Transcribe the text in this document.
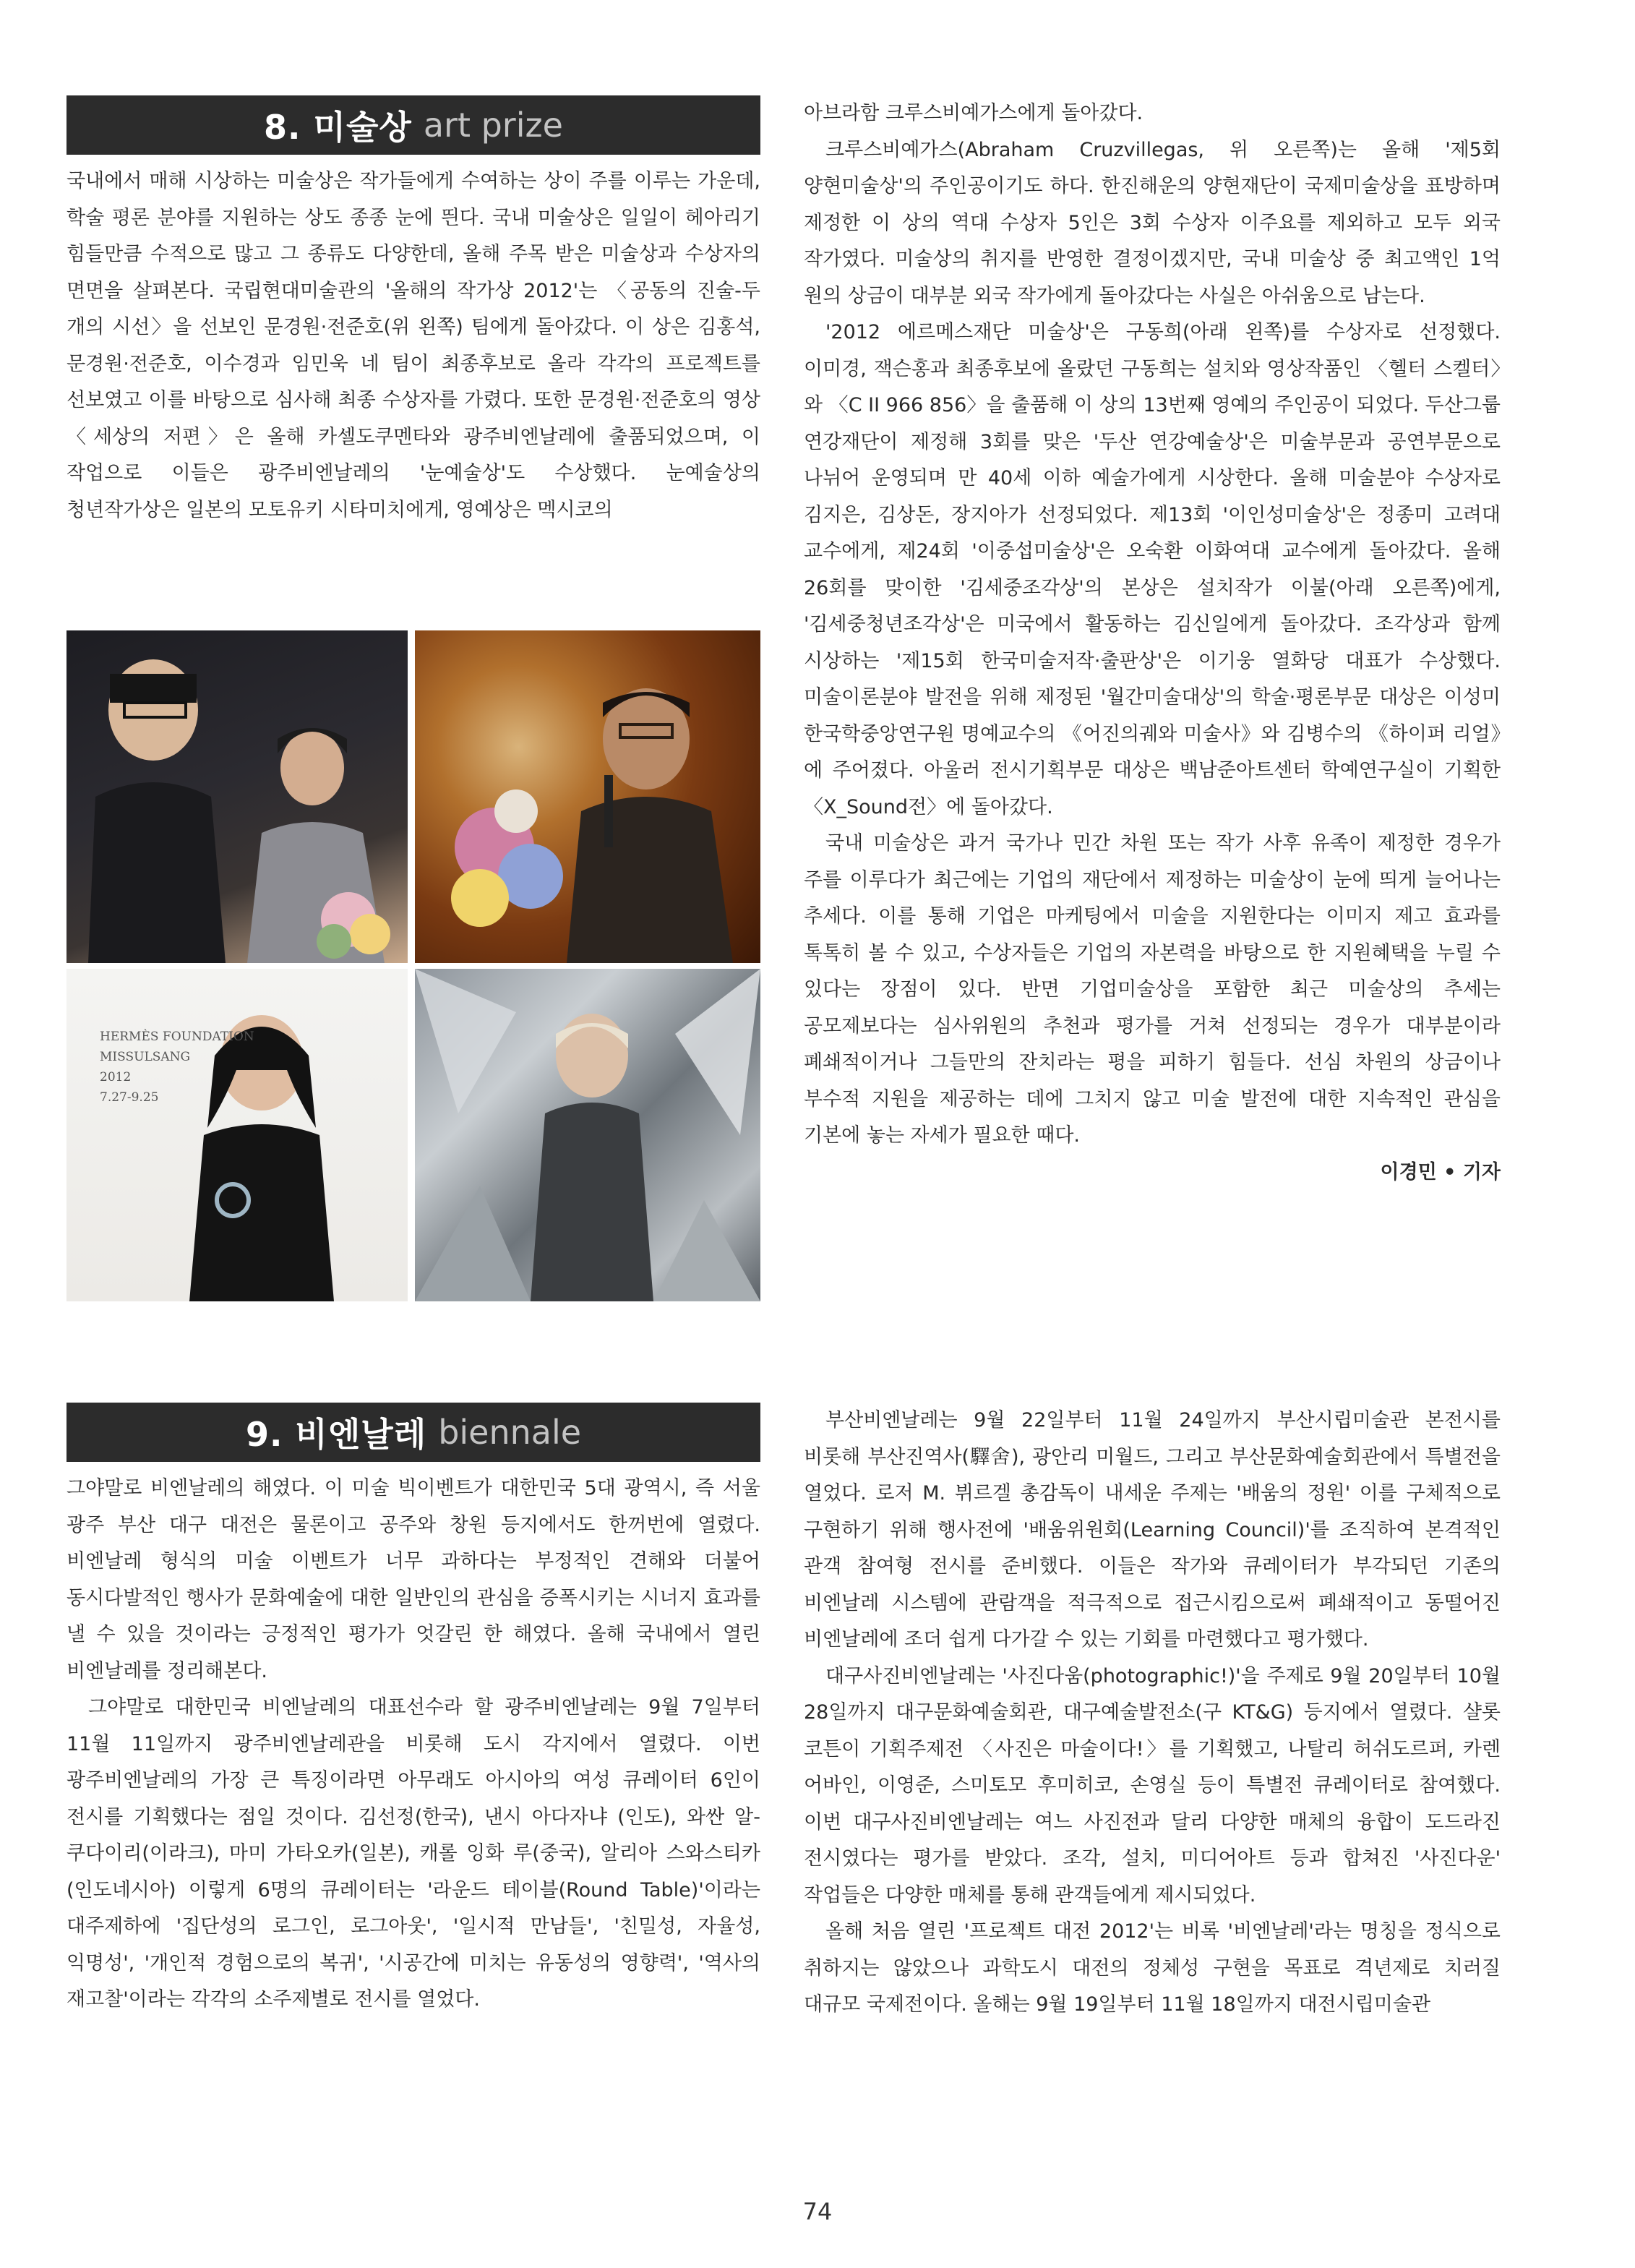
8. 미술상 art prize

국내에서 매해 시상하는 미술상은 작가들에게 수여하는 상이 주를 이루는 가운데, 학술 평론 분야를 지원하는 상도 종종 눈에 띈다. 국내 미술상은 일일이 헤아리기 힘들만큼 수적으로 많고 그 종류도 다양한데, 올해 주목 받은 미술상과 수상자의 면면을 살펴본다. 국립현대미술관의 '올해의 작가상 2012'는 〈공동의 진술-두 개의 시선〉을 선보인 문경원·전준호(위 왼쪽) 팀에게 돌아갔다. 이 상은 김홍석, 문경원·전준호, 이수경과 임민욱 네 팀이 최종후보로 올라 각각의 프로젝트를 선보였고 이를 바탕으로 심사해 최종 수상자를 가렸다. 또한 문경원·전준호의 영상 〈세상의 저편〉은 올해 카셀도쿠멘타와 광주비엔날레에 출품되었으며, 이 작업으로 이들은 광주비엔날레의 '눈예술상'도 수상했다. 눈예술상의 청년작가상은 일본의 모토유키 시타미치에게, 영예상은 멕시코의

HERMÈS FOUNDATION
MISSULSANG
2012
7.27-9.25

아브라함 크루스비예가스에게 돌아갔다.

크루스비예가스(Abraham Cruzvillegas, 위 오른쪽)는 올해 '제5회 양현미술상'의 주인공이기도 하다. 한진해운의 양현재단이 국제미술상을 표방하며 제정한 이 상의 역대 수상자 5인은 3회 수상자 이주요를 제외하고 모두 외국 작가였다. 미술상의 취지를 반영한 결정이겠지만, 국내 미술상 중 최고액인 1억 원의 상금이 대부분 외국 작가에게 돌아갔다는 사실은 아쉬움으로 남는다.

'2012 에르메스재단 미술상'은 구동희(아래 왼쪽)를 수상자로 선정했다. 이미경, 잭슨홍과 최종후보에 올랐던 구동희는 설치와 영상작품인 〈헬터 스켈터〉와 〈C II 966 856〉을 출품해 이 상의 13번째 영예의 주인공이 되었다. 두산그룹 연강재단이 제정해 3회를 맞은 '두산 연강예술상'은 미술부문과 공연부문으로 나뉘어 운영되며 만 40세 이하 예술가에게 시상한다. 올해 미술분야 수상자로 김지은, 김상돈, 장지아가 선정되었다. 제13회 '이인성미술상'은 정종미 고려대 교수에게, 제24회 '이중섭미술상'은 오숙환 이화여대 교수에게 돌아갔다. 올해 26회를 맞이한 '김세중조각상'의 본상은 설치작가 이불(아래 오른쪽)에게, '김세중청년조각상'은 미국에서 활동하는 김신일에게 돌아갔다. 조각상과 함께 시상하는 '제15회 한국미술저작·출판상'은 이기웅 열화당 대표가 수상했다. 미술이론분야 발전을 위해 제정된 '월간미술대상'의 학술·평론부문 대상은 이성미 한국학중앙연구원 명예교수의 《어진의궤와 미술사》와 김병수의 《하이퍼 리얼》에 주어졌다. 아울러 전시기획부문 대상은 백남준아트센터 학예연구실이 기획한 〈X_Sound전〉에 돌아갔다.

국내 미술상은 과거 국가나 민간 차원 또는 작가 사후 유족이 제정한 경우가 주를 이루다가 최근에는 기업의 재단에서 제정하는 미술상이 눈에 띄게 늘어나는 추세다. 이를 통해 기업은 마케팅에서 미술을 지원한다는 이미지 제고 효과를 톡톡히 볼 수 있고, 수상자들은 기업의 자본력을 바탕으로 한 지원혜택을 누릴 수 있다는 장점이 있다. 반면 기업미술상을 포함한 최근 미술상의 추세는 공모제보다는 심사위원의 추천과 평가를 거쳐 선정되는 경우가 대부분이라 폐쇄적이거나 그들만의 잔치라는 평을 피하기 힘들다. 선심 차원의 상금이나 부수적 지원을 제공하는 데에 그치지 않고 미술 발전에 대한 지속적인 관심을 기본에 놓는 자세가 필요한 때다.

이경민 • 기자
9. 비엔날레 biennale

그야말로 비엔날레의 해였다. 이 미술 빅이벤트가 대한민국 5대 광역시, 즉 서울 광주 부산 대구 대전은 물론이고 공주와 창원 등지에서도 한꺼번에 열렸다. 비엔날레 형식의 미술 이벤트가 너무 과하다는 부정적인 견해와 더불어 동시다발적인 행사가 문화예술에 대한 일반인의 관심을 증폭시키는 시너지 효과를 낼 수 있을 것이라는 긍정적인 평가가 엇갈린 한 해였다. 올해 국내에서 열린 비엔날레를 정리해본다.

그야말로 대한민국 비엔날레의 대표선수라 할 광주비엔날레는 9월 7일부터 11월 11일까지 광주비엔날레관을 비롯해 도시 각지에서 열렸다. 이번 광주비엔날레의 가장 큰 특징이라면 아무래도 아시아의 여성 큐레이터 6인이 전시를 기획했다는 점일 것이다. 김선정(한국), 낸시 아다자냐 (인도), 와싼 알-쿠다이리(이라크), 마미 가타오카(일본), 캐롤 잉화 루(중국), 알리아 스와스티카(인도네시아) 이렇게 6명의 큐레이터는 '라운드 테이블(Round Table)'이라는 대주제하에 '집단성의 로그인, 로그아웃', '일시적 만남들', '친밀성, 자율성, 익명성', '개인적 경험으로의 복귀', '시공간에 미치는 유동성의 영향력', '역사의 재고찰'이라는 각각의 소주제별로 전시를 열었다.

부산비엔날레는 9월 22일부터 11월 24일까지 부산시립미술관 본전시를 비롯해 부산진역사(驛舍), 광안리 미월드, 그리고 부산문화예술회관에서 특별전을 열었다. 로저 M. 뷔르겔 총감독이 내세운 주제는 '배움의 정원' 이를 구체적으로 구현하기 위해 행사전에 '배움위원회(Learning Council)'를 조직하여 본격적인 관객 참여형 전시를 준비했다. 이들은 작가와 큐레이터가 부각되던 기존의 비엔날레 시스템에 관람객을 적극적으로 접근시킴으로써 폐쇄적이고 동떨어진 비엔날레에 조더 쉽게 다가갈 수 있는 기회를 마련했다고 평가했다.

대구사진비엔날레는 '사진다움(photographic!)'을 주제로 9월 20일부터 10월 28일까지 대구문화예술회관, 대구예술발전소(구 KT&G) 등지에서 열렸다. 샬롯 코튼이 기획주제전 〈사진은 마술이다!〉를 기획했고, 나탈리 허쉬도르퍼, 카렌 어바인, 이영준, 스미토모 후미히코, 손영실 등이 특별전 큐레이터로 참여했다. 이번 대구사진비엔날레는 여느 사진전과 달리 다양한 매체의 융합이 도드라진 전시였다는 평가를 받았다. 조각, 설치, 미디어아트 등과 합쳐진 '사진다운' 작업들은 다양한 매체를 통해 관객들에게 제시되었다.

올해 처음 열린 '프로젝트 대전 2012'는 비록 '비엔날레'라는 명칭을 정식으로 취하지는 않았으나 과학도시 대전의 정체성 구현을 목표로 격년제로 치러질 대규모 국제전이다. 올해는 9월 19일부터 11월 18일까지 대전시립미술관

74
